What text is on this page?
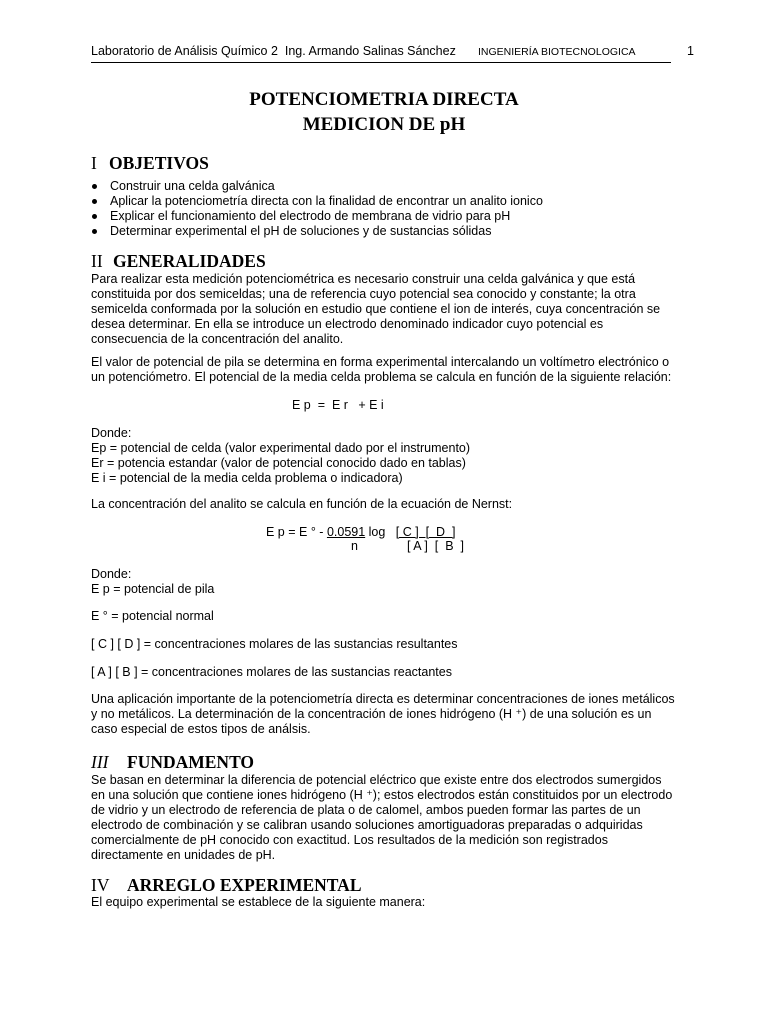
Laboratorio de Análisis Químico 2 Ing. Armando Salinas Sánchez INGENIERÍA BIOTECNOLOGICA	1
POTENCIOMETRIA DIRECTA
MEDICION DE pH
I OBJETIVOS
Construir una celda galvánica
Aplicar la potenciometría directa con la finalidad de encontrar un analito ionico
Explicar el funcionamiento del electrodo de membrana de vidrio para pH
Determinar experimental el pH de soluciones y de sustancias sólidas
II GENERALIDADES
Para realizar esta medición potenciométrica es necesario construir una celda galvánica y que está
constituida por dos semiceldas; una de referencia cuyo potencial sea conocido y constante; la otra
semicelda conformada por la solución en estudio que contiene el ion de interés, cuya concentración se
desea determinar. En ella se introduce un electrodo denominado indicador cuyo potencial es
consecuencia de la concentración del analito.
El valor de potencial de pila se determina en forma experimental intercalando un voltímetro electrónico o
un potenciómetro. El potencial de la media celda problema se calcula en función de la siguiente relación:
E p  =  E r   + E i
Donde:
Ep = potencial de celda (valor experimental dado por el instrumento)
Er = potencia estandar (valor de potencial conocido dado en tablas)
E i = potencial de la media celda problema o indicadora)
La concentración del analito se calcula en función de la ecuación de Nernst:
E p = E ° - 0.0591 log   [ C ]  [  D  ]
n	[ A ]  [  B  ]
Donde:
E p = potencial de pila
E ° = potencial normal
[ C ] [ D ] = concentraciones molares de las sustancias resultantes
[ A ] [ B ] = concentraciones molares de las sustancias reactantes
Una aplicación importante de la potenciometría directa es determinar concentraciones de iones metálicos
y no metálicos. La determinación de la concentración de iones hidrógeno (H ⁺) de una solución es un
caso especial de estos tipos de análsis.
III FUNDAMENTO
Se basan en determinar la diferencia de potencial eléctrico que existe entre dos electrodos sumergidos
en una solución que contiene iones hidrógeno (H ⁺); estos electrodos están constituidos por un electrodo
de vidrio y un electrodo de referencia de plata o de calomel, ambos pueden formar las partes de un
electrodo de combinación y se calibran usando soluciones amortiguadoras preparadas o adquiridas
comercialmente de pH conocido con exactitud. Los resultados de la medición son registrados
directamente en unidades de pH.
IV ARREGLO EXPERIMENTAL
El equipo experimental se establece de la siguiente manera:
